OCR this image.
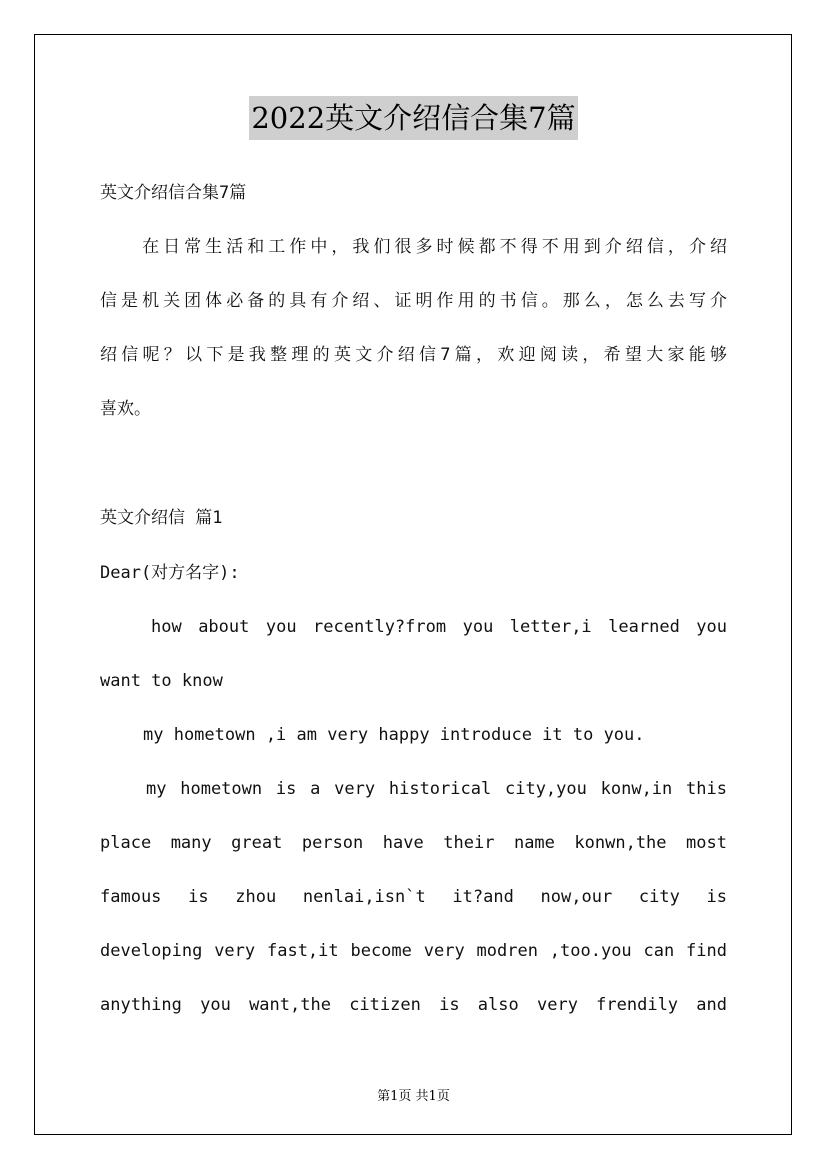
2022英文介绍信合集7篇

英文介绍信合集7篇

　　在日常生活和工作中，我们很多时候都不得不用到介绍信，介绍

信是机关团体必备的具有介绍、证明作用的书信。那么，怎么去写介

绍信呢？以下是我整理的英文介绍信7篇，欢迎阅读，希望大家能够

喜欢。

英文介绍信 篇1

Dear(对方名字):

how about you recently?from you letter,i learned you

want to know

my hometown ,i am very happy introduce it to you.

my hometown is a very historical city,you konw,in this

place many great person have their name konwn,the most

famous is zhou nenlai,isn`t it?and now,our city is

developing very fast,it become very modren ,too.you can find

anything you want,the citizen is also very frendily and

第1页 共1页
